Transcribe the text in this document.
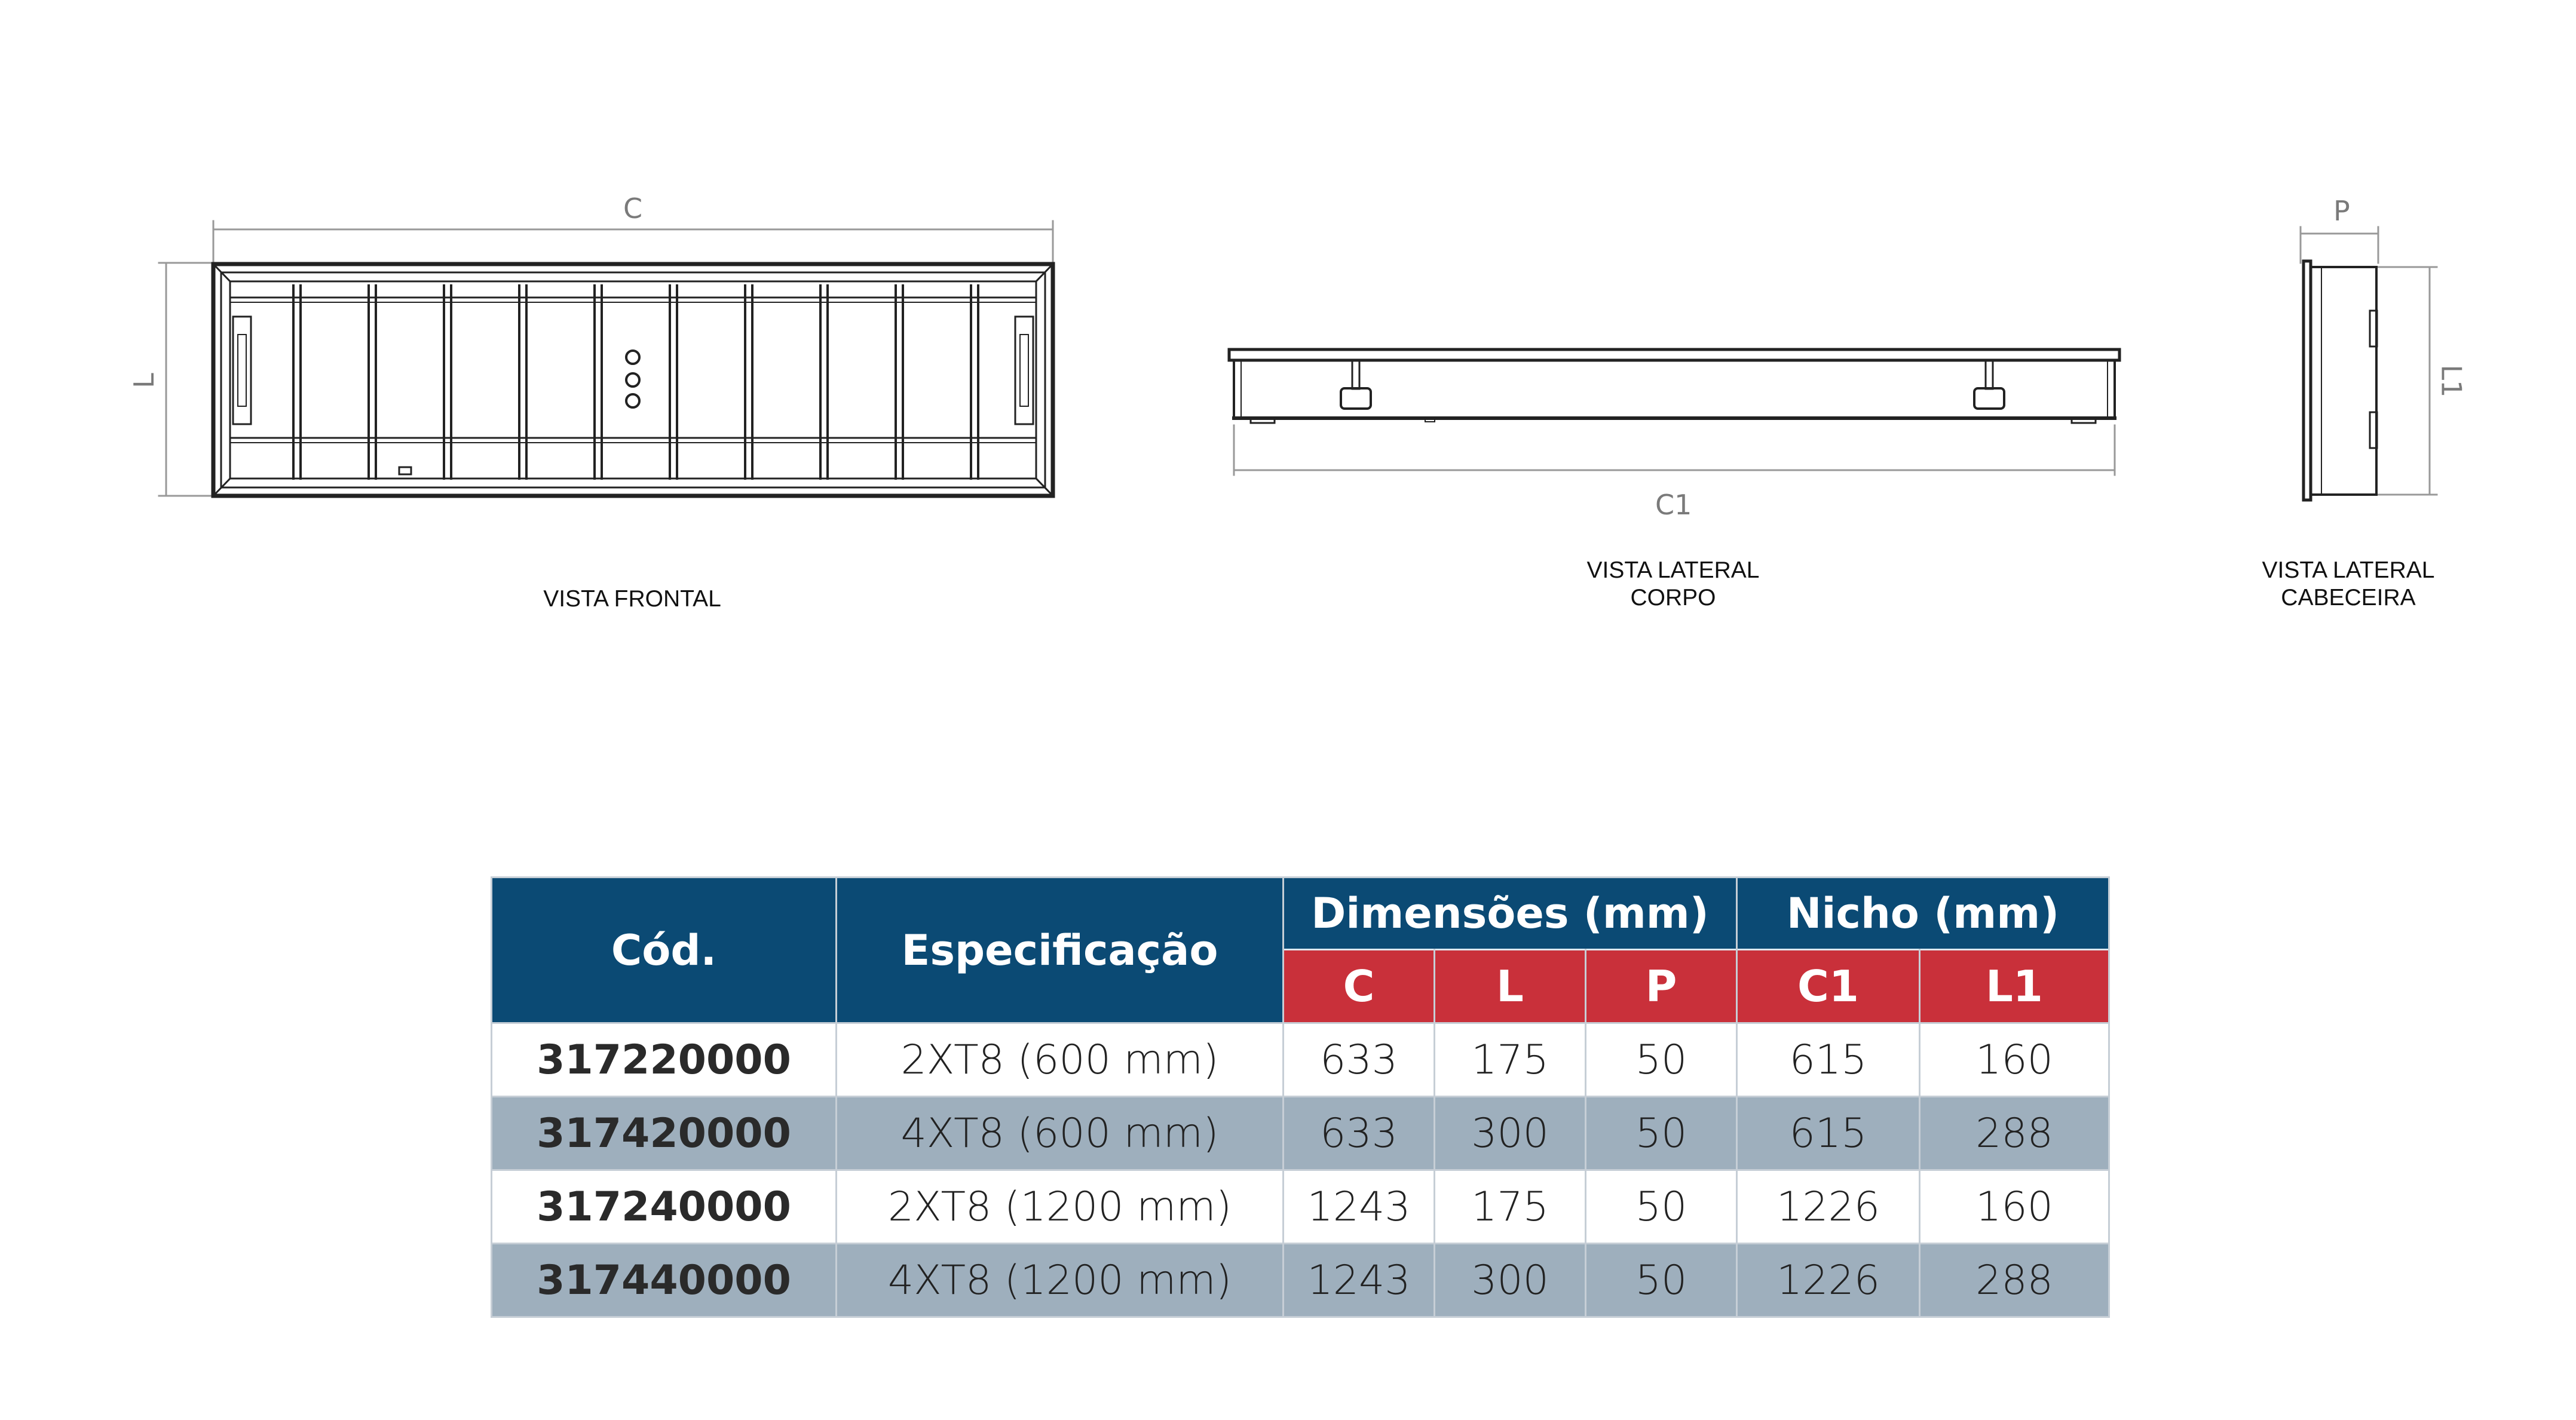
C
L
C1
P
L1
VISTA FRONTAL
VISTA LATERAL
CORPO
VISTA LATERAL
CABECEIRA
Cód.	Especificação	Dimensões (mm)			Nicho (mm)	
		C	L	P	C1	L1
317220000	2XT8 (600 mm)	633	175	50	615	160
317420000	4XT8 (600 mm)	633	300	50	615	288
317240000	2XT8 (1200 mm)	1243	175	50	1226	160
317440000	4XT8 (1200 mm)	1243	300	50	1226	288
